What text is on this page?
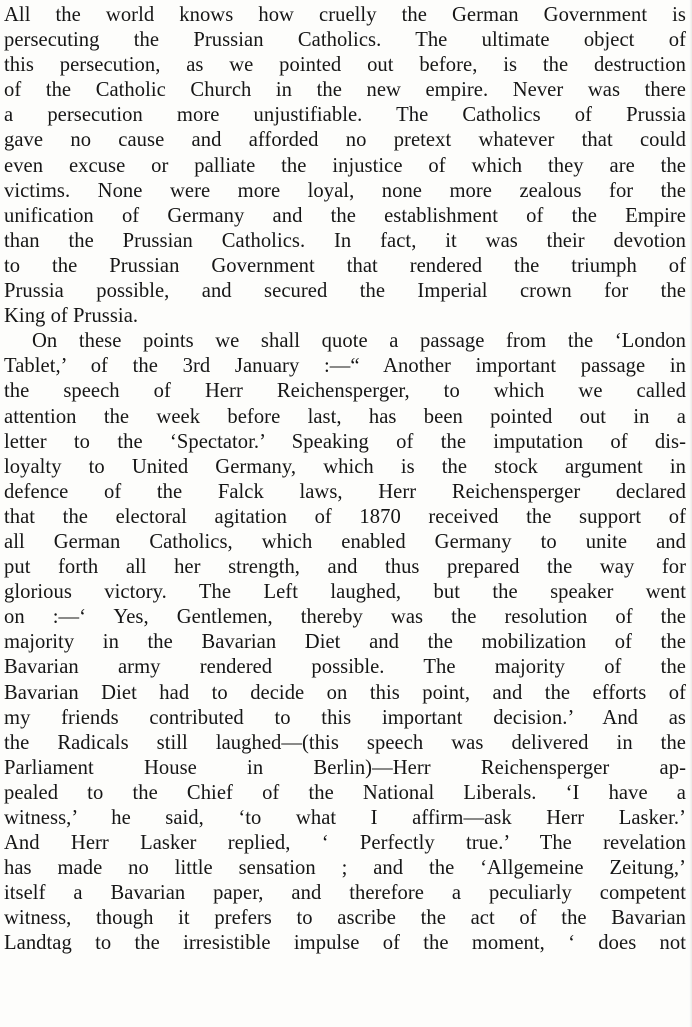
All the world knows how cruelly the German Government is
persecuting the Prussian Catholics. The ultimate object of
this persecution, as we pointed out before, is the destruction
of the Catholic Church in the new empire. Never was there
a persecution more unjustifiable. The Catholics of Prussia
gave no cause and afforded no pretext whatever that could
even excuse or palliate the injustice of which they are the
victims. None were more loyal, none more zealous for the
unification of Germany and the establishment of the Empire
than the Prussian Catholics. In fact, it was their devotion
to the Prussian Government that rendered the triumph of
Prussia possible, and secured the Imperial crown for the
King of Prussia.
On these points we shall quote a passage from the ‘London
Tablet,’ of the 3rd January :—“ Another important passage in
the speech of Herr Reichensperger, to which we called
attention the week before last, has been pointed out in a
letter to the ‘Spectator.’ Speaking of the imputation of dis-
loyalty to United Germany, which is the stock argument in
defence of the Falck laws, Herr Reichensperger declared
that the electoral agitation of 1870 received the support of
all German Catholics, which enabled Germany to unite and
put forth all her strength, and thus prepared the way for
glorious victory. The Left laughed, but the speaker went
on :—‘ Yes, Gentlemen, thereby was the resolution of the
majority in the Bavarian Diet and the mobilization of the
Bavarian army rendered possible. The majority of the
Bavarian Diet had to decide on this point, and the efforts of
my friends contributed to this important decision.’ And as
the Radicals still laughed—(this speech was delivered in the
Parliament House in Berlin)—Herr Reichensperger ap-
pealed to the Chief of the National Liberals. ‘I have a
witness,’ he said, ‘to what I affirm—ask Herr Lasker.’
And Herr Lasker replied, ‘ Perfectly true.’ The revelation
has made no little sensation ; and the ‘Allgemeine Zeitung,’
itself a Bavarian paper, and therefore a peculiarly competent
witness, though it prefers to ascribe the act of the Bavarian
Landtag to the irresistible impulse of the moment, ‘ does not
